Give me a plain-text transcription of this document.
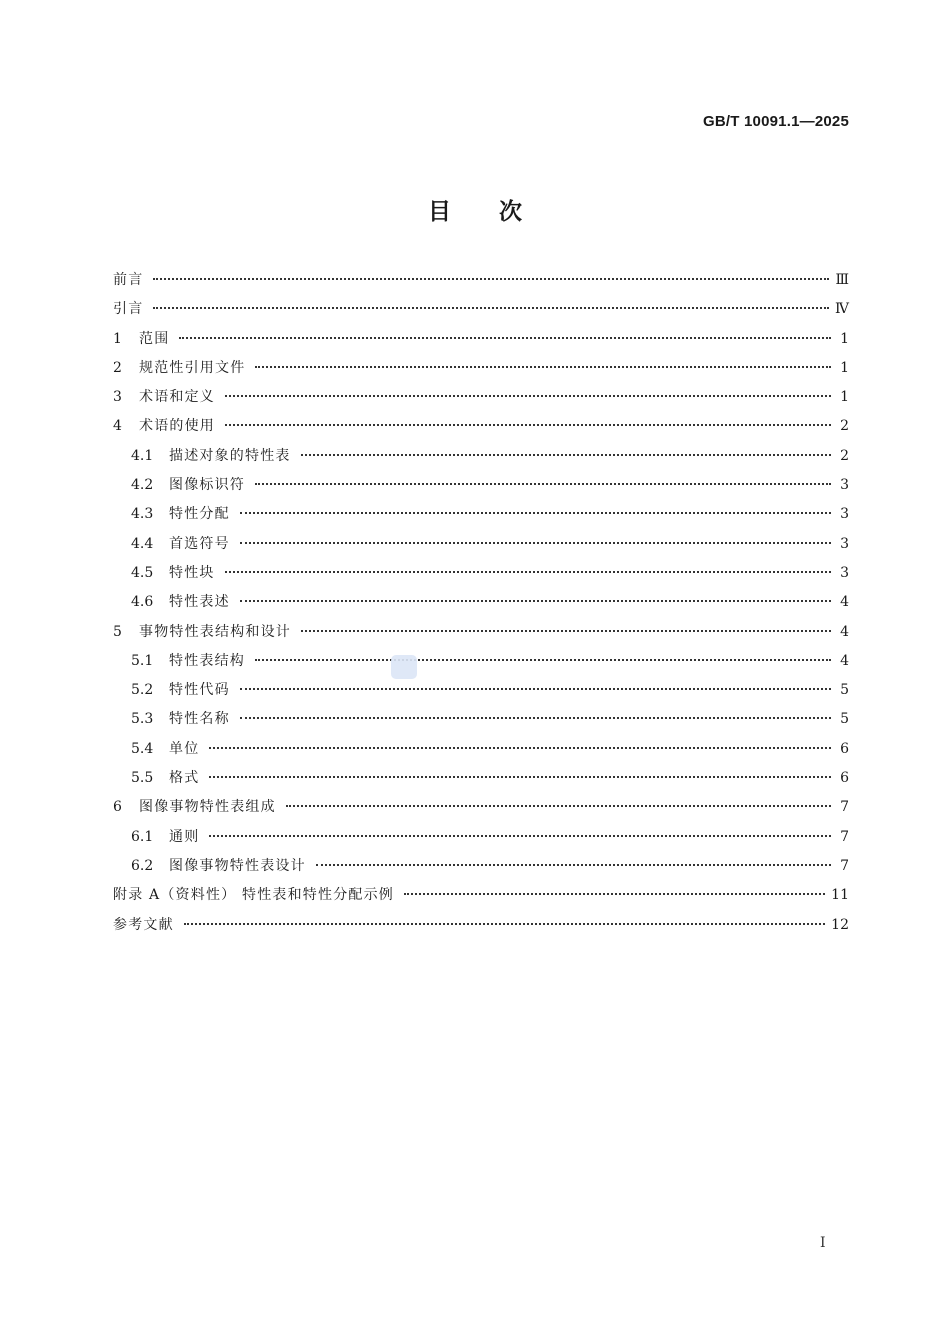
GB/T 10091.1—2025
目 次
前言	Ⅲ
引言	Ⅳ
1	范围	1
2	规范性引用文件	1
3	术语和定义	1
4	术语的使用	2
4.1	描述对象的特性表	2
4.2	图像标识符	3
4.3	特性分配	3
4.4	首选符号	3
4.5	特性块	3
4.6	特性表述	4
5	事物特性表结构和设计	4
5.1	特性表结构	4
5.2	特性代码	5
5.3	特性名称	5
5.4	单位	6
5.5	格式	6
6	图像事物特性表组成	7
6.1	通则	7
6.2	图像事物特性表设计	7
附录 A（资料性） 特性表和特性分配示例	11
参考文献	12
I
